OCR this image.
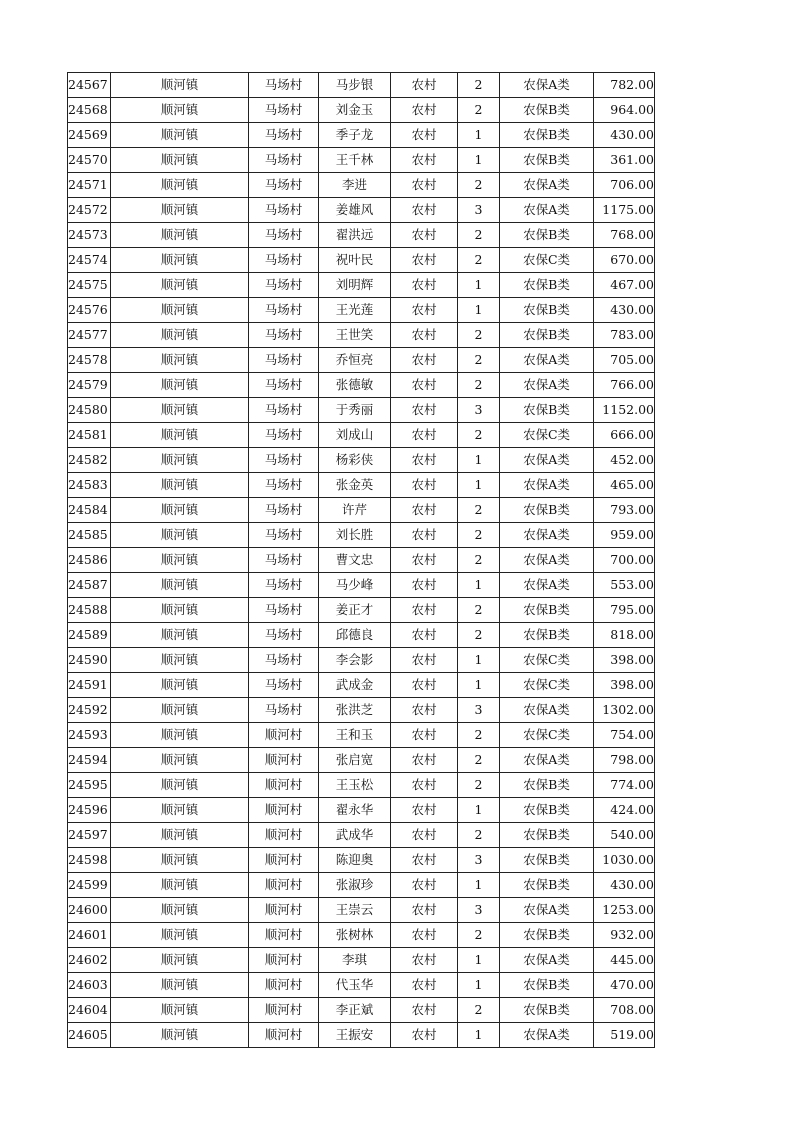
24567	顺河镇	马场村	马步银	农村	2	农保A类	782.00
24568	顺河镇	马场村	刘金玉	农村	2	农保B类	964.00
24569	顺河镇	马场村	季子龙	农村	1	农保B类	430.00
24570	顺河镇	马场村	王千林	农村	1	农保B类	361.00
24571	顺河镇	马场村	李进	农村	2	农保A类	706.00
24572	顺河镇	马场村	姜雄风	农村	3	农保A类	1175.00
24573	顺河镇	马场村	翟洪远	农村	2	农保B类	768.00
24574	顺河镇	马场村	祝叶民	农村	2	农保C类	670.00
24575	顺河镇	马场村	刘明辉	农村	1	农保B类	467.00
24576	顺河镇	马场村	王光莲	农村	1	农保B类	430.00
24577	顺河镇	马场村	王世笑	农村	2	农保B类	783.00
24578	顺河镇	马场村	乔恒亮	农村	2	农保A类	705.00
24579	顺河镇	马场村	张德敏	农村	2	农保A类	766.00
24580	顺河镇	马场村	于秀丽	农村	3	农保B类	1152.00
24581	顺河镇	马场村	刘成山	农村	2	农保C类	666.00
24582	顺河镇	马场村	杨彩侠	农村	1	农保A类	452.00
24583	顺河镇	马场村	张金英	农村	1	农保A类	465.00
24584	顺河镇	马场村	许芹	农村	2	农保B类	793.00
24585	顺河镇	马场村	刘长胜	农村	2	农保A类	959.00
24586	顺河镇	马场村	曹文忠	农村	2	农保A类	700.00
24587	顺河镇	马场村	马少峰	农村	1	农保A类	553.00
24588	顺河镇	马场村	姜正才	农村	2	农保B类	795.00
24589	顺河镇	马场村	邱德良	农村	2	农保B类	818.00
24590	顺河镇	马场村	李会影	农村	1	农保C类	398.00
24591	顺河镇	马场村	武成金	农村	1	农保C类	398.00
24592	顺河镇	马场村	张洪芝	农村	3	农保A类	1302.00
24593	顺河镇	顺河村	王和玉	农村	2	农保C类	754.00
24594	顺河镇	顺河村	张启宽	农村	2	农保A类	798.00
24595	顺河镇	顺河村	王玉松	农村	2	农保B类	774.00
24596	顺河镇	顺河村	翟永华	农村	1	农保B类	424.00
24597	顺河镇	顺河村	武成华	农村	2	农保B类	540.00
24598	顺河镇	顺河村	陈迎奥	农村	3	农保B类	1030.00
24599	顺河镇	顺河村	张淑珍	农村	1	农保B类	430.00
24600	顺河镇	顺河村	王崇云	农村	3	农保A类	1253.00
24601	顺河镇	顺河村	张树林	农村	2	农保B类	932.00
24602	顺河镇	顺河村	李琪	农村	1	农保A类	445.00
24603	顺河镇	顺河村	代玉华	农村	1	农保B类	470.00
24604	顺河镇	顺河村	李正斌	农村	2	农保B类	708.00
24605	顺河镇	顺河村	王振安	农村	1	农保A类	519.00
